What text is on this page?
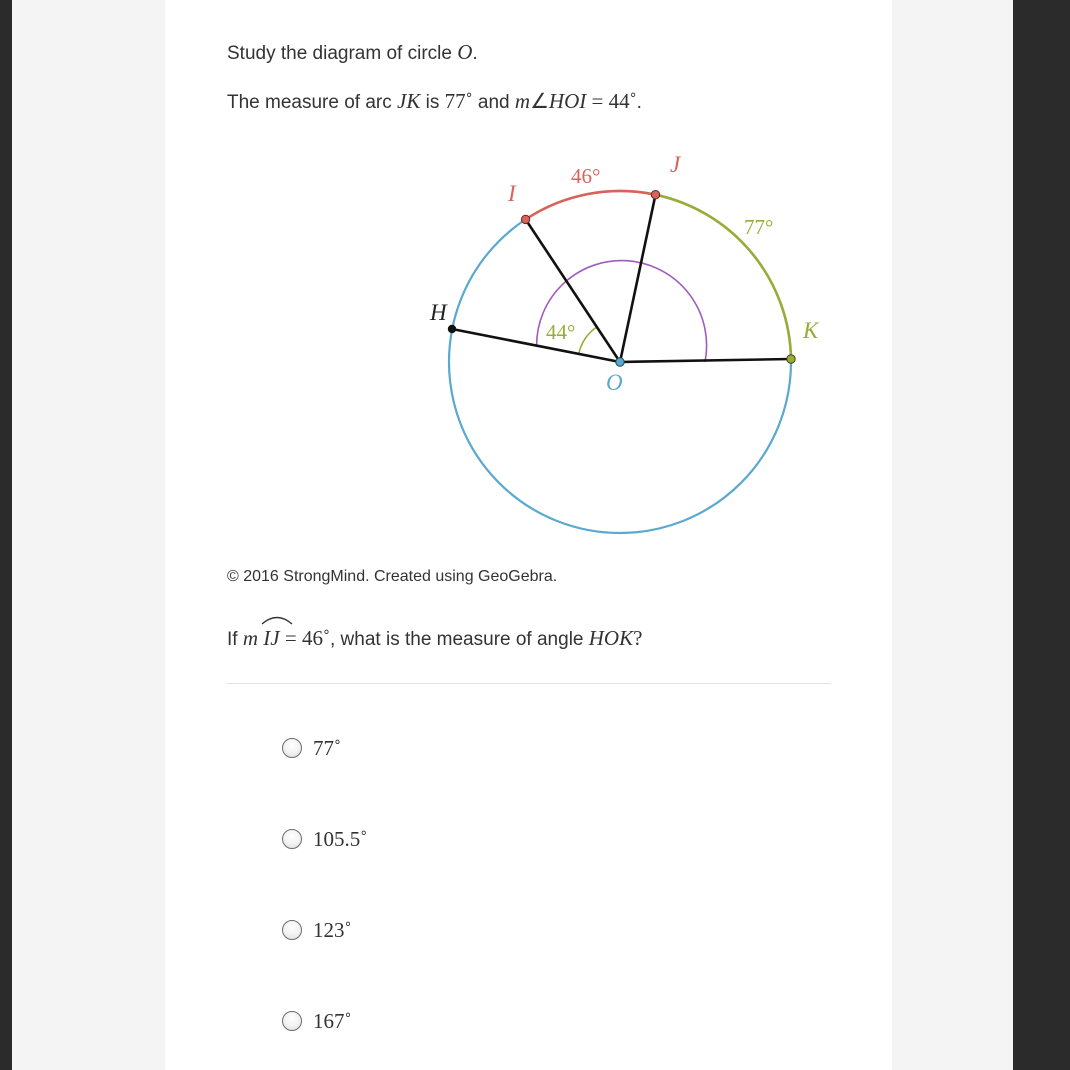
Study the diagram of circle O.
The measure of arc JK is 77˚ and m∠HOI = 44˚.
H
I
J
K
O
46°
77°
44°
© 2016 StrongMind. Created using GeoGebra.
If m IJ = 46˚, what is the measure of angle HOK?
77˚
105.5˚
123˚
167˚
